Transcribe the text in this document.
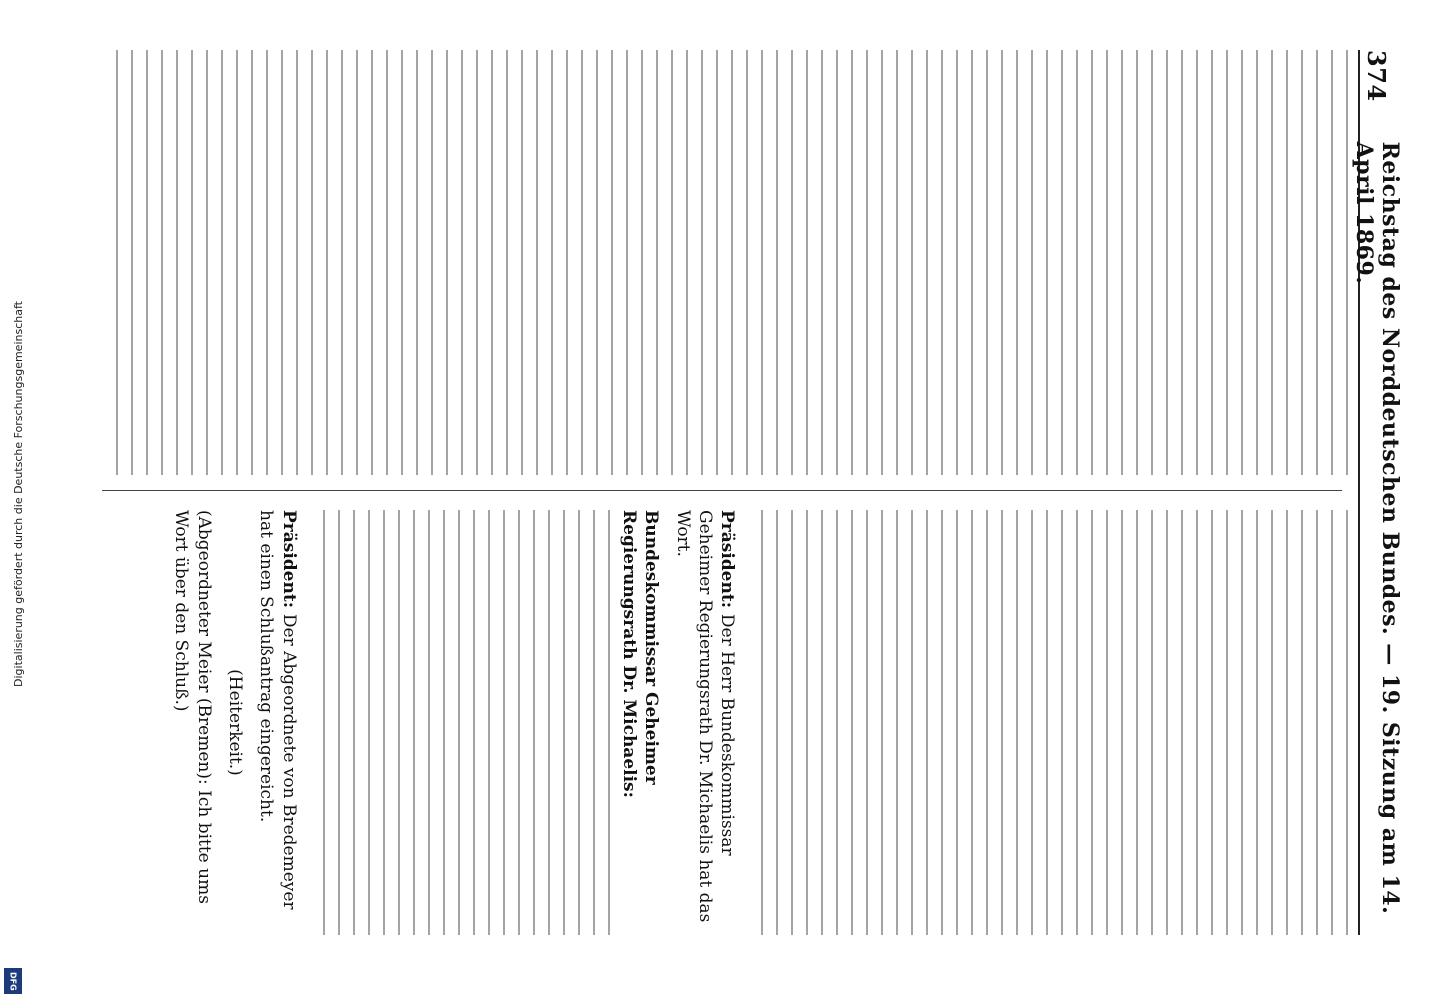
Digitalisierung gefördert durch die Deutsche Forschungsgemeinschaft
DFG
374
Reichstag des Norddeutschen Bundes. — 19. Sitzung am 14. April 1869.
Präsident: Der Herr Bundeskommissar Geheimer Regierungsrath Dr. Michaelis hat das Wort.
Bundeskommissar Geheimer Regierungsrath Dr. Michaelis:
Präsident: Der Abgeordnete von Bredemeyer hat einen Schlußantrag eingereicht.
(Heiterkeit.)
(Abgeordneter Meier (Bremen): Ich bitte ums Wort über den Schluß.)
